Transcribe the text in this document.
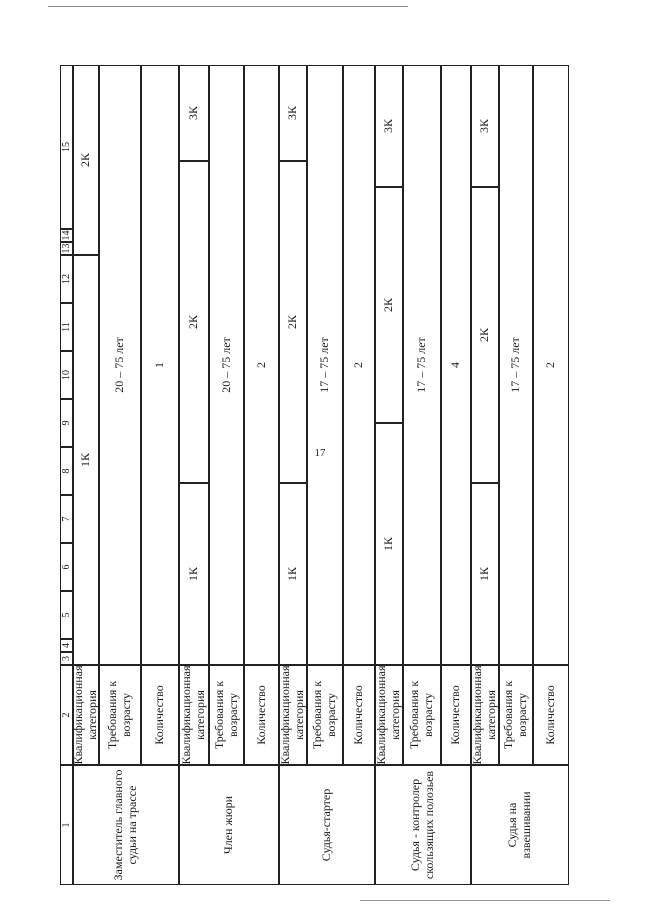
17
1
2
3
4
5
6
7
8
9
10
11
12
13
14
15
Заместитель главного судьи на трассе
Квалификационная категория
1К
2К
Требования к возрасту
20 – 75 лет
Количество
1
Член жюри
Квалификационная категория
1К
2К
3К
Требования к возрасту
20 – 75 лет
Количество
2
Судья-стартер
Квалификационная категория
1К
2К
3К
Требования к возрасту
17 – 75 лет
Количество
2
Судья - контролер скользящих полозьев
Квалификационная категория
1К
2К
3К
Требования к возрасту
17 – 75 лет
Количество
4
Судья на взвешивании
Квалификационная категория
1К
2К
3К
Требования к возрасту
17 – 75 лет
Количество
2
